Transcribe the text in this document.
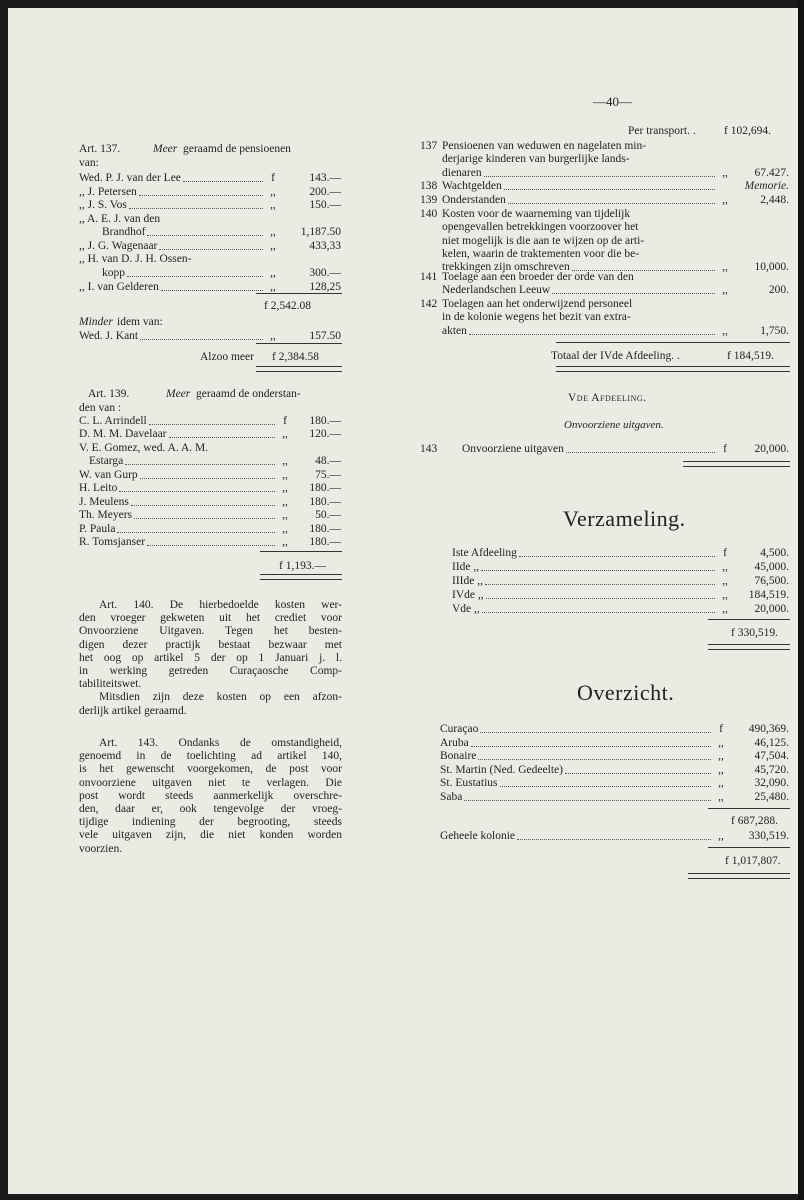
—40—
Art. 137.	Meer geraamd de pensioenen
van:
Wed. P. J. van der Lee	f	143.—
,, J. Petersen	,,	200.—
,, J. S. Vos	,,	150.—
,, A. E. J. van den
Brandhof	,,	1,187.50
,, J. G. Wagenaar	,,	433,33
,, H. van D. J. H. Ossen-
kopp	,,	300.—
,, I. van Gelderen	,,	128,25
f 2,542.08
Minder idem van:
Wed. J. Kant	,,	157.50
Alzoo meer f 2,384.58
Art. 139.	Meer geraamd de onderstan-
den van :
C. L. Arrindell	f	180.—
D. M. M. Davelaar	,,	120.—
V. E. Gomez, wed. A. A. M.
Estarga	,,	48.—
W. van Gurp	,,	75.—
H. Leito	,,	180.—
J. Meulens	,,	180.—
Th. Meyers	,,	50.—
P. Paula	,,	180.—
R. Tomsjanser	,,	180.—
f 1,193.—
Art. 140. De hierbedoelde kosten wer-
den vroeger gekweten uit het crediet voor
Onvoorziene Uitgaven. Tegen het besten-
digen dezer practijk bestaat bezwaar met
het oog op artikel 5 der op 1 Januari j. l.
in werking getreden Curaçaosche Comp-
tabiliteitswet.
Mitsdien zijn deze kosten op een afzon-
derlijk artikel geraamd.
Art. 143. Ondanks de omstandigheid,
genoemd in de toelichting ad artikel 140,
is het gewenscht voorgekomen, de post voor
onvoorziene uitgaven niet te verlagen. Die
post wordt steeds aanmerkelijk overschre-
den, daar er, ook tengevolge der vroeg-
tijdige indiening der begrooting, steeds
vele uitgaven zijn, die niet konden worden
voorzien.
Per transport. . f 102,694.
137 Pensioenen van weduwen en nagelaten min-
derjarige kinderen van burgerlijke lands-
dienaren	,,	67.427.
138 Wachtgelden	Memorie.
139 Onderstanden	,,	2,448.
140 Kosten voor de waarneming van tijdelijk
opengevallen betrekkingen voorzoover het
niet mogelijk is die aan te wijzen op de arti-
kelen, waarin de traktementen voor die be-
trekkingen zijn omschreven	,,	10,000.
141 Toelage aan een broeder der orde van den
Nederlandschen Leeuw	,,	200.
142 Toelagen aan het onderwijzend personeel
in de kolonie wegens het bezit van extra-
akten	,,	1,750.
Totaal der IVde Afdeeling. .	f 184,519.
Vde Afdeeling.
Onvoorziene uitgaven.
143 Onvoorziene uitgaven	f	20,000.
Verzameling.
Iste Afdeeling	f	4,500.
IIde ,,	,,	45,000.
IIIde ,,	,,	76,500.
IVde ,,	,,	184,519.
Vde ,,	,,	20,000.
f 330,519.
Overzicht.
Curaçao	f	490,369.
Aruba	,,	46,125.
Bonaire	,,	47,504.
St. Martin (Ned. Gedeelte)	,,	45,720.
St. Eustatius	,,	32,090.
Saba	,,	25,480.
f 687,288.
Geheele kolonie	,,	330,519.
f 1,017,807.
